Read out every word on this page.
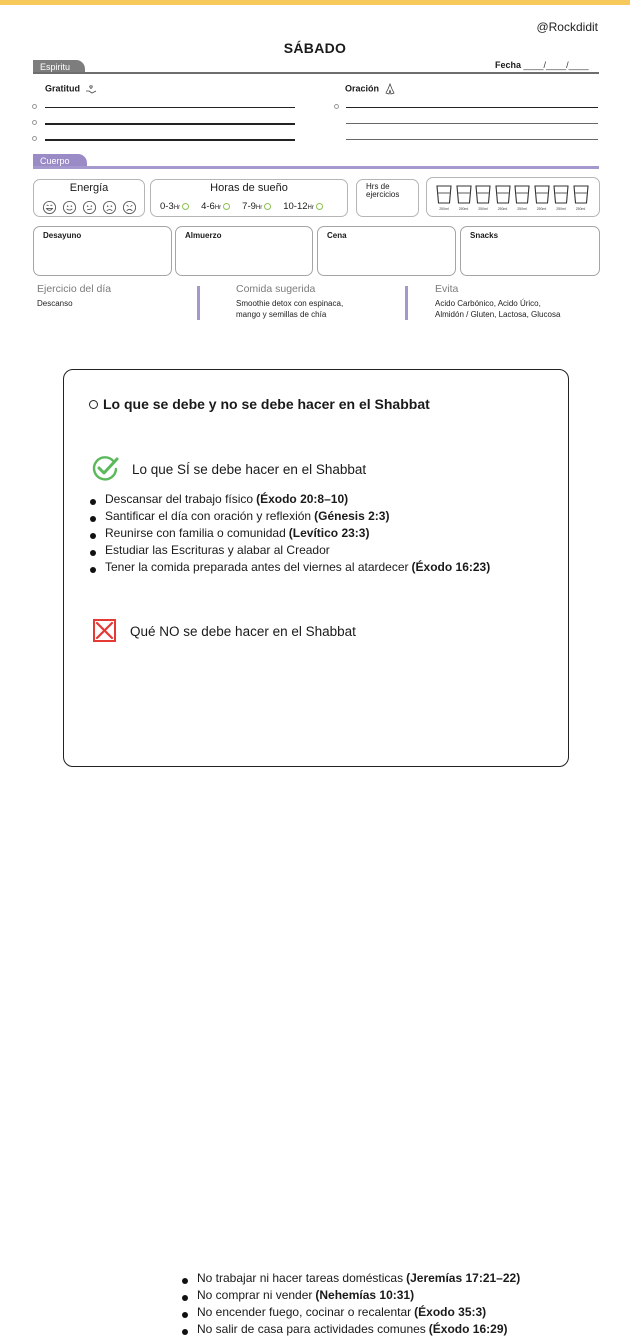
@Rockdidit
SÁBADO
Espiritu	Fecha ____/____/____
Gratitud	Oración
Cuerpo
Energía	Horas de sueño
$0-3_{Hr}$ $4-6_{Hr}$ $7-9_{Hr}$ $10-12_{Hr}$
Hrs de
ejercicios
250ml	250ml	250ml	250ml	250ml	250ml	250ml	250ml
Desayuno	Almuerzo	Cena	Snacks
Ejercicio del día
Descanso
Comida sugerida
Smoothie detox con espinaca,
mango y semillas de chía
Evita
Acido Carbónico, Acido Úrico,
Almidón / Gluten, Lactosa, Glucosa
Lo que se debe y no se debe hacer en el Shabbat
Lo que SÍ se debe hacer en el Shabbat
Descansar del trabajo físico (Éxodo 20:8–10)
Santificar el día con oración y reflexión (Génesis 2:3)
Reunirse con familia o comunidad (Levítico 23:3)
Estudiar las Escrituras y alabar al Creador
Tener la comida preparada antes del viernes al atardecer (Éxodo 16:23)
Qué NO se debe hacer en el Shabbat
No trabajar ni hacer tareas domésticas (Jeremías 17:21–22)
No comprar ni vender (Nehemías 10:31)
No encender fuego, cocinar o recalentar (Éxodo 35:3)
No salir de casa para actividades comunes (Éxodo 16:29)
